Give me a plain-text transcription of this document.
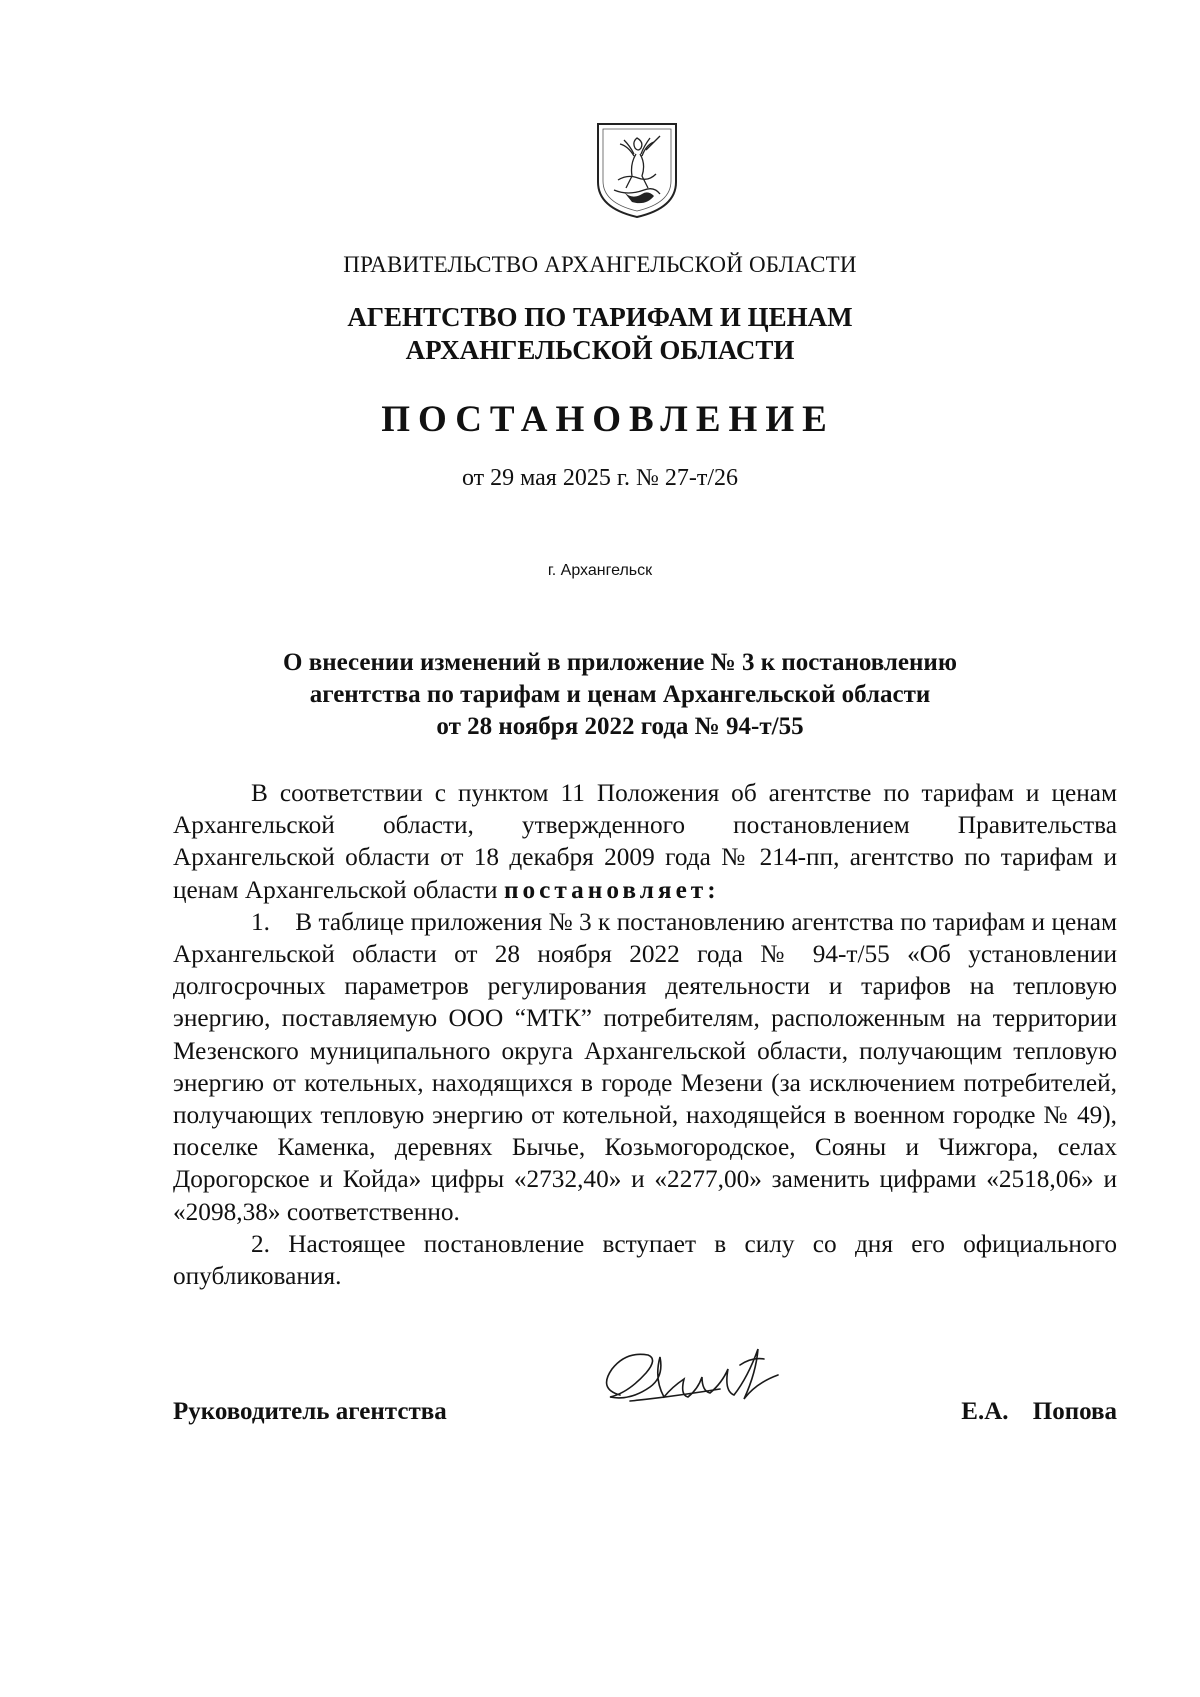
ПРАВИТЕЛЬСТВО АРХАНГЕЛЬСКОЙ ОБЛАСТИ

АГЕНТСТВО ПО ТАРИФАМ И ЦЕНАМ
АРХАНГЕЛЬСКОЙ ОБЛАСТИ

ПОСТАНОВЛЕНИЕ

от 29 мая 2025 г. № 27-т/26

г. Архангельск

О внесении изменений в приложение № 3 к постановлению
агентства по тарифам и ценам Архангельской области
от 28 ноября 2022 года № 94-т/55

В соответствии с пунктом 11 Положения об агентстве по тарифам и ценам Архангельской области, утвержденного постановлением Правительства Архангельской области от 18 декабря 2009 года № 214-пп, агентство по тарифам и ценам Архангельской области постановляет:

1. В таблице приложения № 3 к постановлению агентства по тарифам и ценам Архангельской области от 28 ноября 2022 года № 94-т/55 «Об установлении долгосрочных параметров регулирования деятельности и тарифов на тепловую энергию, поставляемую ООО “МТК” потребителям, расположенным на территории Мезенского муниципального округа Архангельской области, получающим тепловую энергию от котельных, находящихся в городе Мезени (за исключением потребителей, получающих тепловую энергию от котельной, находящейся в военном городке № 49), поселке Каменка, деревнях Бычье, Козьмогородское, Сояны и Чижгора, селах Дорогорское и Койда» цифры «2732,40» и «2277,00» заменить цифрами «2518,06» и «2098,38» соответственно.

2. Настоящее постановление вступает в силу со дня его официального опубликования.

Руководитель агентства	Е.А. Попова
